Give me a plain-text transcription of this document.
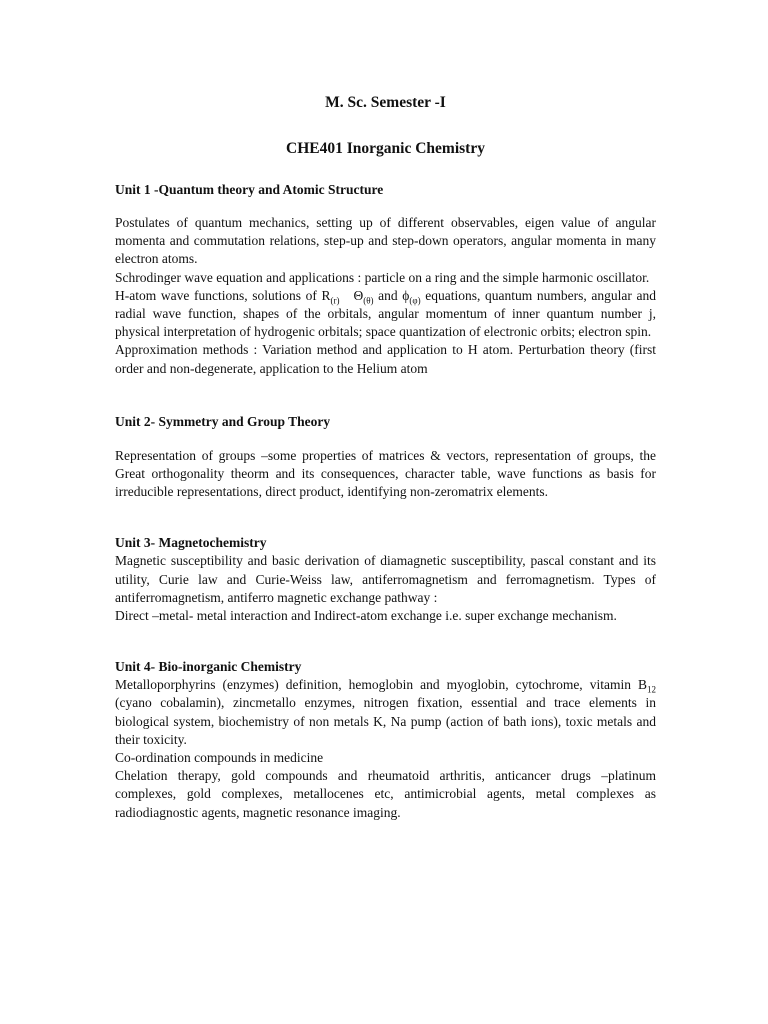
M. Sc. Semester -I
CHE401 Inorganic Chemistry
Unit 1 -Quantum theory and Atomic Structure

Postulates of quantum mechanics, setting up of different observables, eigen value of angular momenta and commutation relations, step-up and step-down operators, angular momenta in many electron atoms.

Schrodinger wave equation and applications : particle on a ring and the simple harmonic oscillator.

H-atom wave functions, solutions of $R_{(r)}$ $\Theta_{(\theta)}$ and $\phi_{(\varphi)}$ equations, quantum numbers, angular and radial wave function, shapes of the orbitals, angular momentum of inner quantum number j, physical interpretation of hydrogenic orbitals; space quantization of electronic orbits; electron spin.

Approximation methods : Variation method and application to H atom. Perturbation theory (first order and non-degenerate, application to the Helium atom

Unit 2- Symmetry and Group Theory

Representation of groups –some properties of matrices & vectors, representation of groups, the Great orthogonality theorm and its consequences, character table, wave functions as basis for irreducible representations, direct product, identifying non-zeromatrix elements.

Unit 3- Magnetochemistry

Magnetic susceptibility and basic derivation of diamagnetic susceptibility, pascal constant and its utility, Curie law and Curie-Weiss law, antiferromagnetism and ferromagnetism. Types of antiferromagnetism, antiferro magnetic exchange pathway :

Direct –metal- metal interaction and Indirect-atom exchange i.e. super exchange mechanism.

Unit 4- Bio-inorganic Chemistry

Metalloporphyrins (enzymes) definition, hemoglobin and myoglobin, cytochrome, vitamin $B_{12}$ (cyano cobalamin), zincmetallo enzymes, nitrogen fixation, essential and trace elements in biological system, biochemistry of non metals K, Na pump (action of bath ions), toxic metals and their toxicity.

Co-ordination compounds in medicine

Chelation therapy, gold compounds and rheumatoid arthritis, anticancer drugs –platinum complexes, gold complexes, metallocenes etc, antimicrobial agents, metal complexes as radiodiagnostic agents, magnetic resonance imaging.
